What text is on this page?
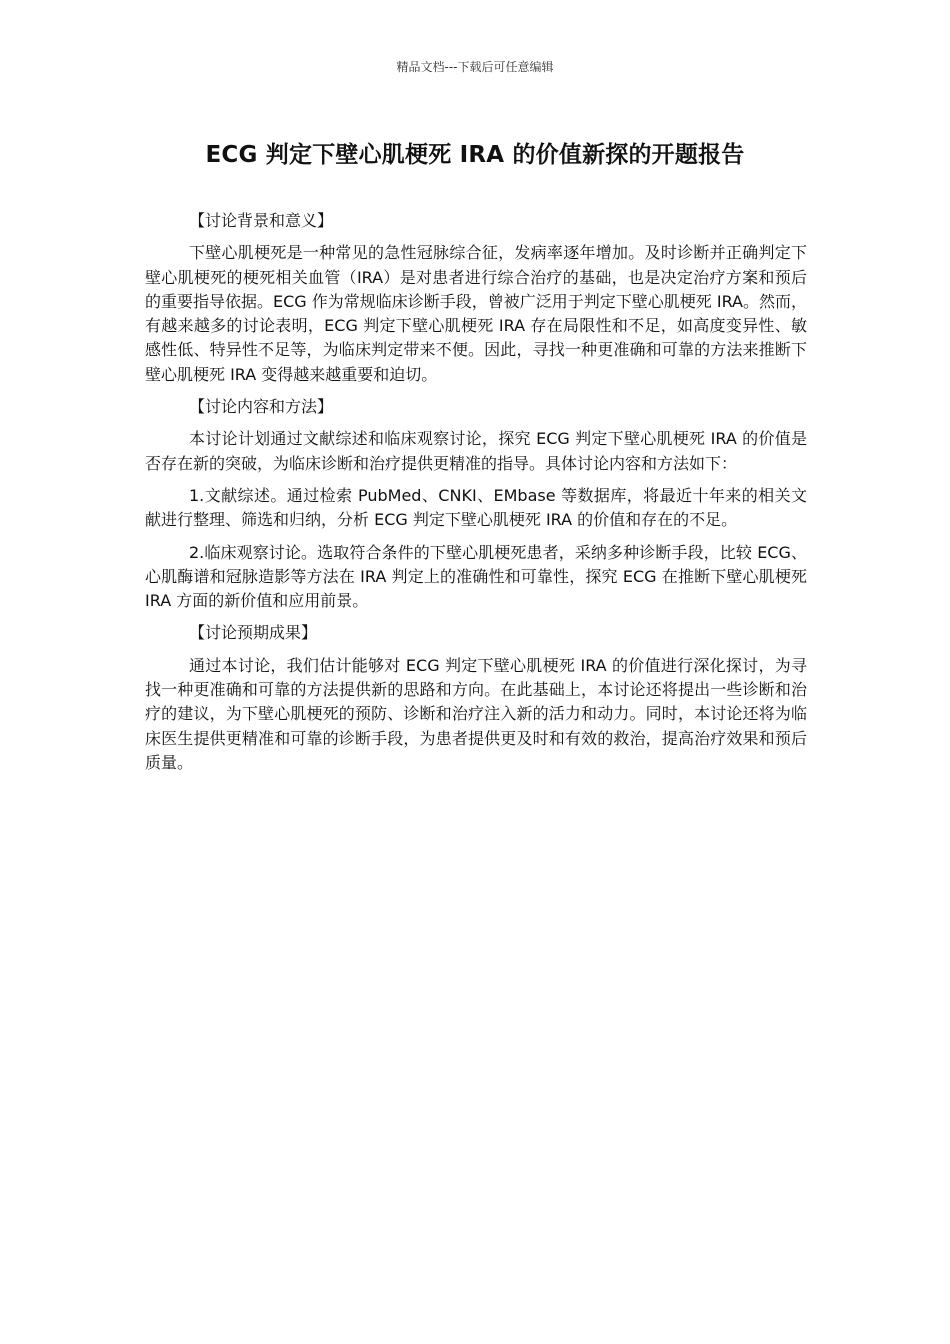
精品文档---下载后可任意编辑
ECG 判定下壁心肌梗死 IRA 的价值新探的开题报告

【讨论背景和意义】

下壁心肌梗死是一种常见的急性冠脉综合征，发病率逐年增加。及时诊断并正确判定下壁心肌梗死的梗死相关血管（IRA）是对患者进行综合治疗的基础，也是决定治疗方案和预后的重要指导依据。ECG 作为常规临床诊断手段，曾被广泛用于判定下壁心肌梗死 IRA。然而，有越来越多的讨论表明，ECG 判定下壁心肌梗死 IRA 存在局限性和不足，如高度变异性、敏感性低、特异性不足等，为临床判定带来不便。因此，寻找一种更准确和可靠的方法来推断下壁心肌梗死 IRA 变得越来越重要和迫切。

【讨论内容和方法】

本讨论计划通过文献综述和临床观察讨论，探究 ECG 判定下壁心肌梗死 IRA 的价值是否存在新的突破，为临床诊断和治疗提供更精准的指导。具体讨论内容和方法如下：

1.文献综述。通过检索 PubMed、CNKI、EMbase 等数据库，将最近十年来的相关文献进行整理、筛选和归纳，分析 ECG 判定下壁心肌梗死 IRA 的价值和存在的不足。

2.临床观察讨论。选取符合条件的下壁心肌梗死患者，采纳多种诊断手段，比较 ECG、心肌酶谱和冠脉造影等方法在 IRA 判定上的准确性和可靠性，探究 ECG 在推断下壁心肌梗死 IRA 方面的新价值和应用前景。

【讨论预期成果】

通过本讨论，我们估计能够对 ECG 判定下壁心肌梗死 IRA 的价值进行深化探讨，为寻找一种更准确和可靠的方法提供新的思路和方向。在此基础上，本讨论还将提出一些诊断和治疗的建议，为下壁心肌梗死的预防、诊断和治疗注入新的活力和动力。同时，本讨论还将为临床医生提供更精准和可靠的诊断手段，为患者提供更及时和有效的救治，提高治疗效果和预后质量。
